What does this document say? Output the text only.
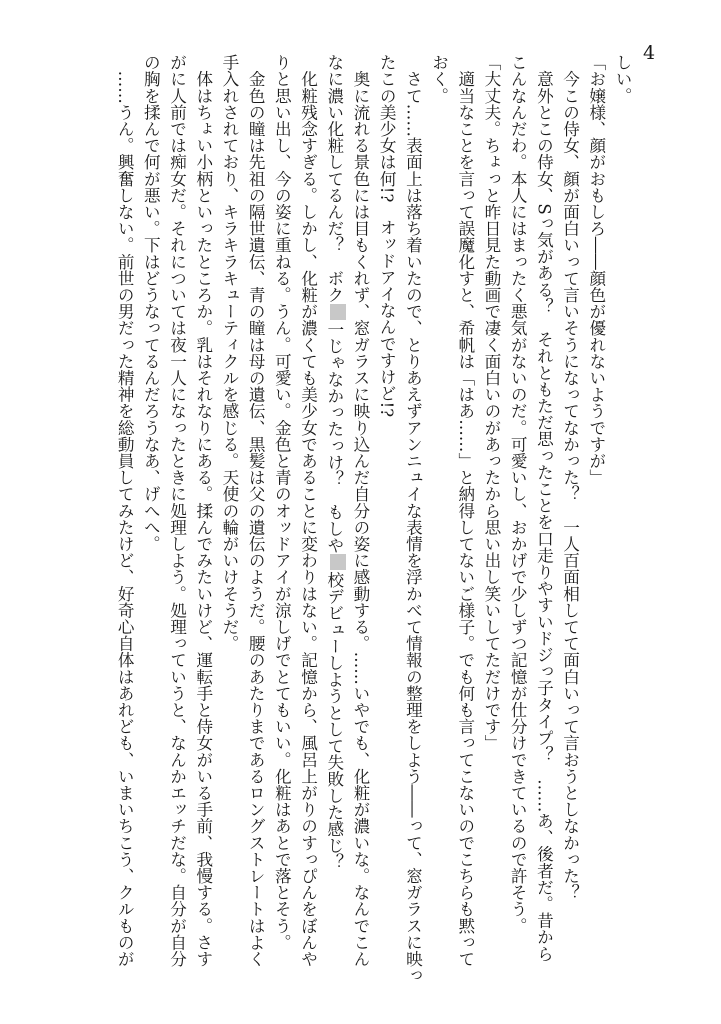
4
しい。
「お嬢様、顔がおもしろ――顔色が優れないようですが」
　今この侍女、顔が面白いって言いそうになってなかった？　一人百面相してて面白いって言おうとしなかった？
　意外とこの侍女、Sっ気がある？　それともただ思ったことを口走りやすいドジっ子タイプ？　……あ、後者だ。昔から
こんなんだわ。本人にはまったく悪気がないのだ。可愛いし、おかげで少しずつ記憶が仕分けできているので許そう。
「大丈夫。ちょっと昨日見た動画で凄く面白いのがあったから思い出し笑いしてただけです」
　適当なことを言って誤魔化すと、希帆は「はあ……」と納得してないご様子。でも何も言ってこないのでこちらも黙って
おく。
　さて……表面上は落ち着いたので、とりあえずアンニュイな表情を浮かべて情報の整理をしよう――って、窓ガラスに映っ
たこの美少女は何!?　オッドアイなんですけど!?
　奥に流れる景色には目もくれず、窓ガラスに映り込んだ自分の姿に感動する。……いやでも、化粧が濃いな。なんでこん
なに濃い化粧してるんだ？　ボク一じゃなかったっけ？　もしや校デビューしようとして失敗した感じ？
　化粧残念すぎる。しかし、化粧が濃くても美少女であることに変わりはない。記憶から、風呂上がりのすっぴんをぼんや
りと思い出し、今の姿に重ねる。うん。可愛い。金色と青のオッドアイが涼しげでとてもいい。化粧はあとで落とそう。
　金色の瞳は先祖の隔世遺伝、青の瞳は母の遺伝、黒髪は父の遺伝のようだ。腰のあたりまであるロングストレートはよく
手入れされており、キラキラキューティクルを感じる。天使の輪がいけそうだ。
　体はちょい小柄といったところか。乳はそれなりにある。揉んでみたいけど、運転手と侍女がいる手前、我慢する。さす
がに人前では痴女だ。それについては夜一人になったときに処理しよう。処理っていうと、なんかエッチだな。自分が自分
の胸を揉んで何が悪い。下はどうなってるんだろうなあ、げへへ。
　……うん。興奮しない。前世の男だった精神を総動員してみたけど、好奇心自体はあれども、いまいちこう、クルものが
